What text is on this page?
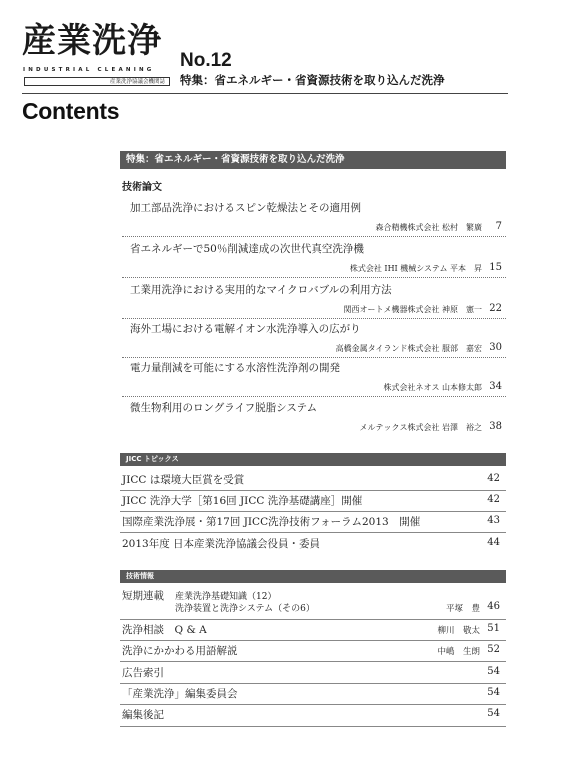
産業洗浄
INDUSTRIAL CLEANING
産業洗浄協議会機関誌
No.12
特集：省エネルギー・省資源技術を取り込んだ洗浄
Contents
特集：省エネルギー・省資源技術を取り込んだ洗浄
技術論文
加工部品洗浄におけるスピン乾燥法とその適用例
森合精機株式会社 松村　繁廣 7
省エネルギーで50％削減達成の次世代真空洗浄機
株式会社 IHI 機械システム 平本　昇 15
工業用洗浄における実用的なマイクロバブルの利用方法
関西オートメ機器株式会社 神原　憲一 22
海外工場における電解イオン水洗浄導入の広がり
高橋金属タイランド株式会社 服部　嘉宏 30
電力量削減を可能にする水溶性洗浄剤の開発
株式会社ネオス 山本修太郎 34
微生物利用のロングライフ脱脂システム
メルテックス株式会社 岩澤　裕之 38
JICC トピックス
JICC は環境大臣賞を受賞	42
JICC 洗浄大学［第16回 JICC 洗浄基礎講座］開催	42
国際産業洗浄展・第17回 JICC洗浄技術フォーラム2013　開催	43
2013年度 日本産業洗浄協議会役員・委員	44
技術情報
短期連載 産業洗浄基礎知識（12）
洗浄装置と洗浄システム（その6）	平塚　豊 46
洗浄相談　Q & A	柳川　敬太 51
洗浄にかかわる用語解説	中嶋　生朗 52
広告索引	54
「産業洗浄」編集委員会	54
編集後記	54
